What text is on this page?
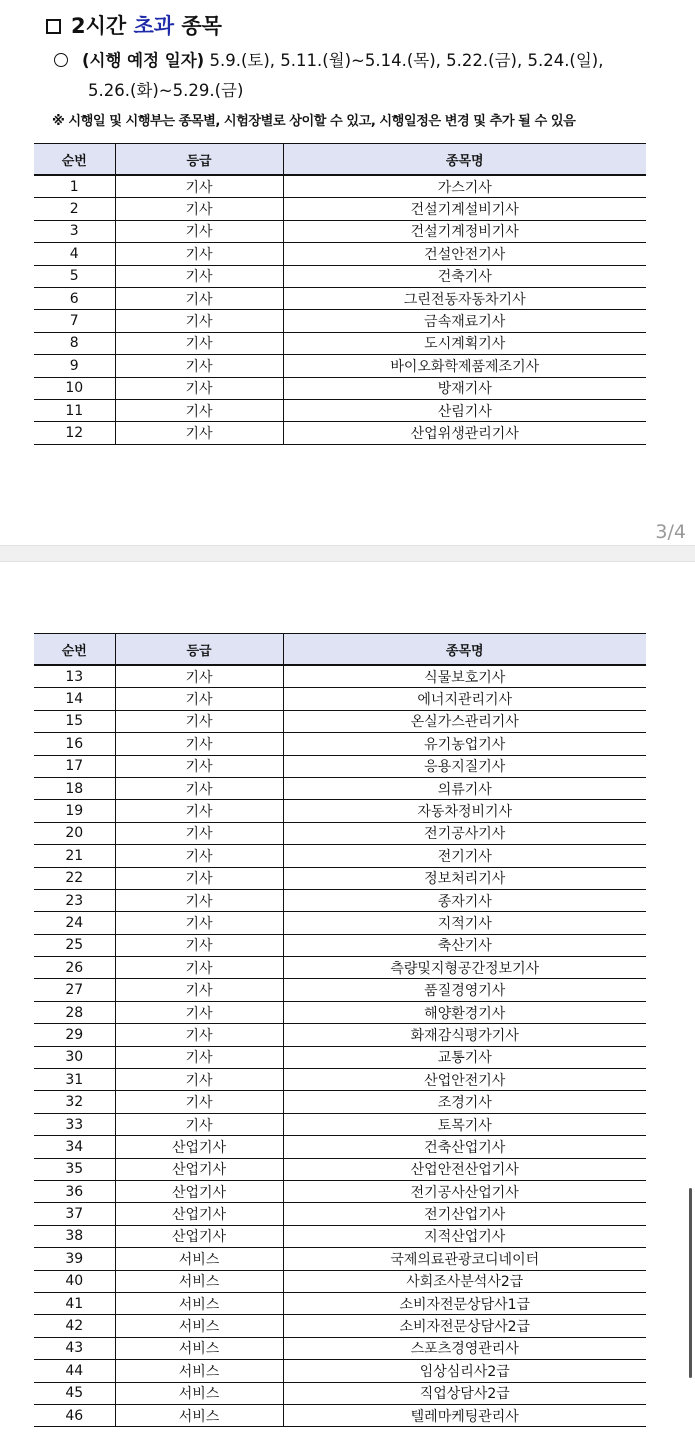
2시간 초과 종목
(시행 예정 일자) 5.9.(토), 5.11.(월)~5.14.(목), 5.22.(금), 5.24.(일),
5.26.(화)~5.29.(금)
※ 시행일 및 시행부는 종목별, 시험장별로 상이할 수 있고, 시행일정은 변경 및 추가 될 수 있음
순번	등급	종목명
1	기사	가스기사
2	기사	건설기계설비기사
3	기사	건설기계정비기사
4	기사	건설안전기사
5	기사	건축기사
6	기사	그린전동자동차기사
7	기사	금속재료기사
8	기사	도시계획기사
9	기사	바이오화학제품제조기사
10	기사	방재기사
11	기사	산림기사
12	기사	산업위생관리기사
3/4
순번	등급	종목명
13	기사	식물보호기사
14	기사	에너지관리기사
15	기사	온실가스관리기사
16	기사	유기농업기사
17	기사	응용지질기사
18	기사	의류기사
19	기사	자동차정비기사
20	기사	전기공사기사
21	기사	전기기사
22	기사	정보처리기사
23	기사	종자기사
24	기사	지적기사
25	기사	축산기사
26	기사	측량및지형공간정보기사
27	기사	품질경영기사
28	기사	해양환경기사
29	기사	화재감식평가기사
30	기사	교통기사
31	기사	산업안전기사
32	기사	조경기사
33	기사	토목기사
34	산업기사	건축산업기사
35	산업기사	산업안전산업기사
36	산업기사	전기공사산업기사
37	산업기사	전기산업기사
38	산업기사	지적산업기사
39	서비스	국제의료관광코디네이터
40	서비스	사회조사분석사2급
41	서비스	소비자전문상담사1급
42	서비스	소비자전문상담사2급
43	서비스	스포츠경영관리사
44	서비스	임상심리사2급
45	서비스	직업상담사2급
46	서비스	텔레마케팅관리사
